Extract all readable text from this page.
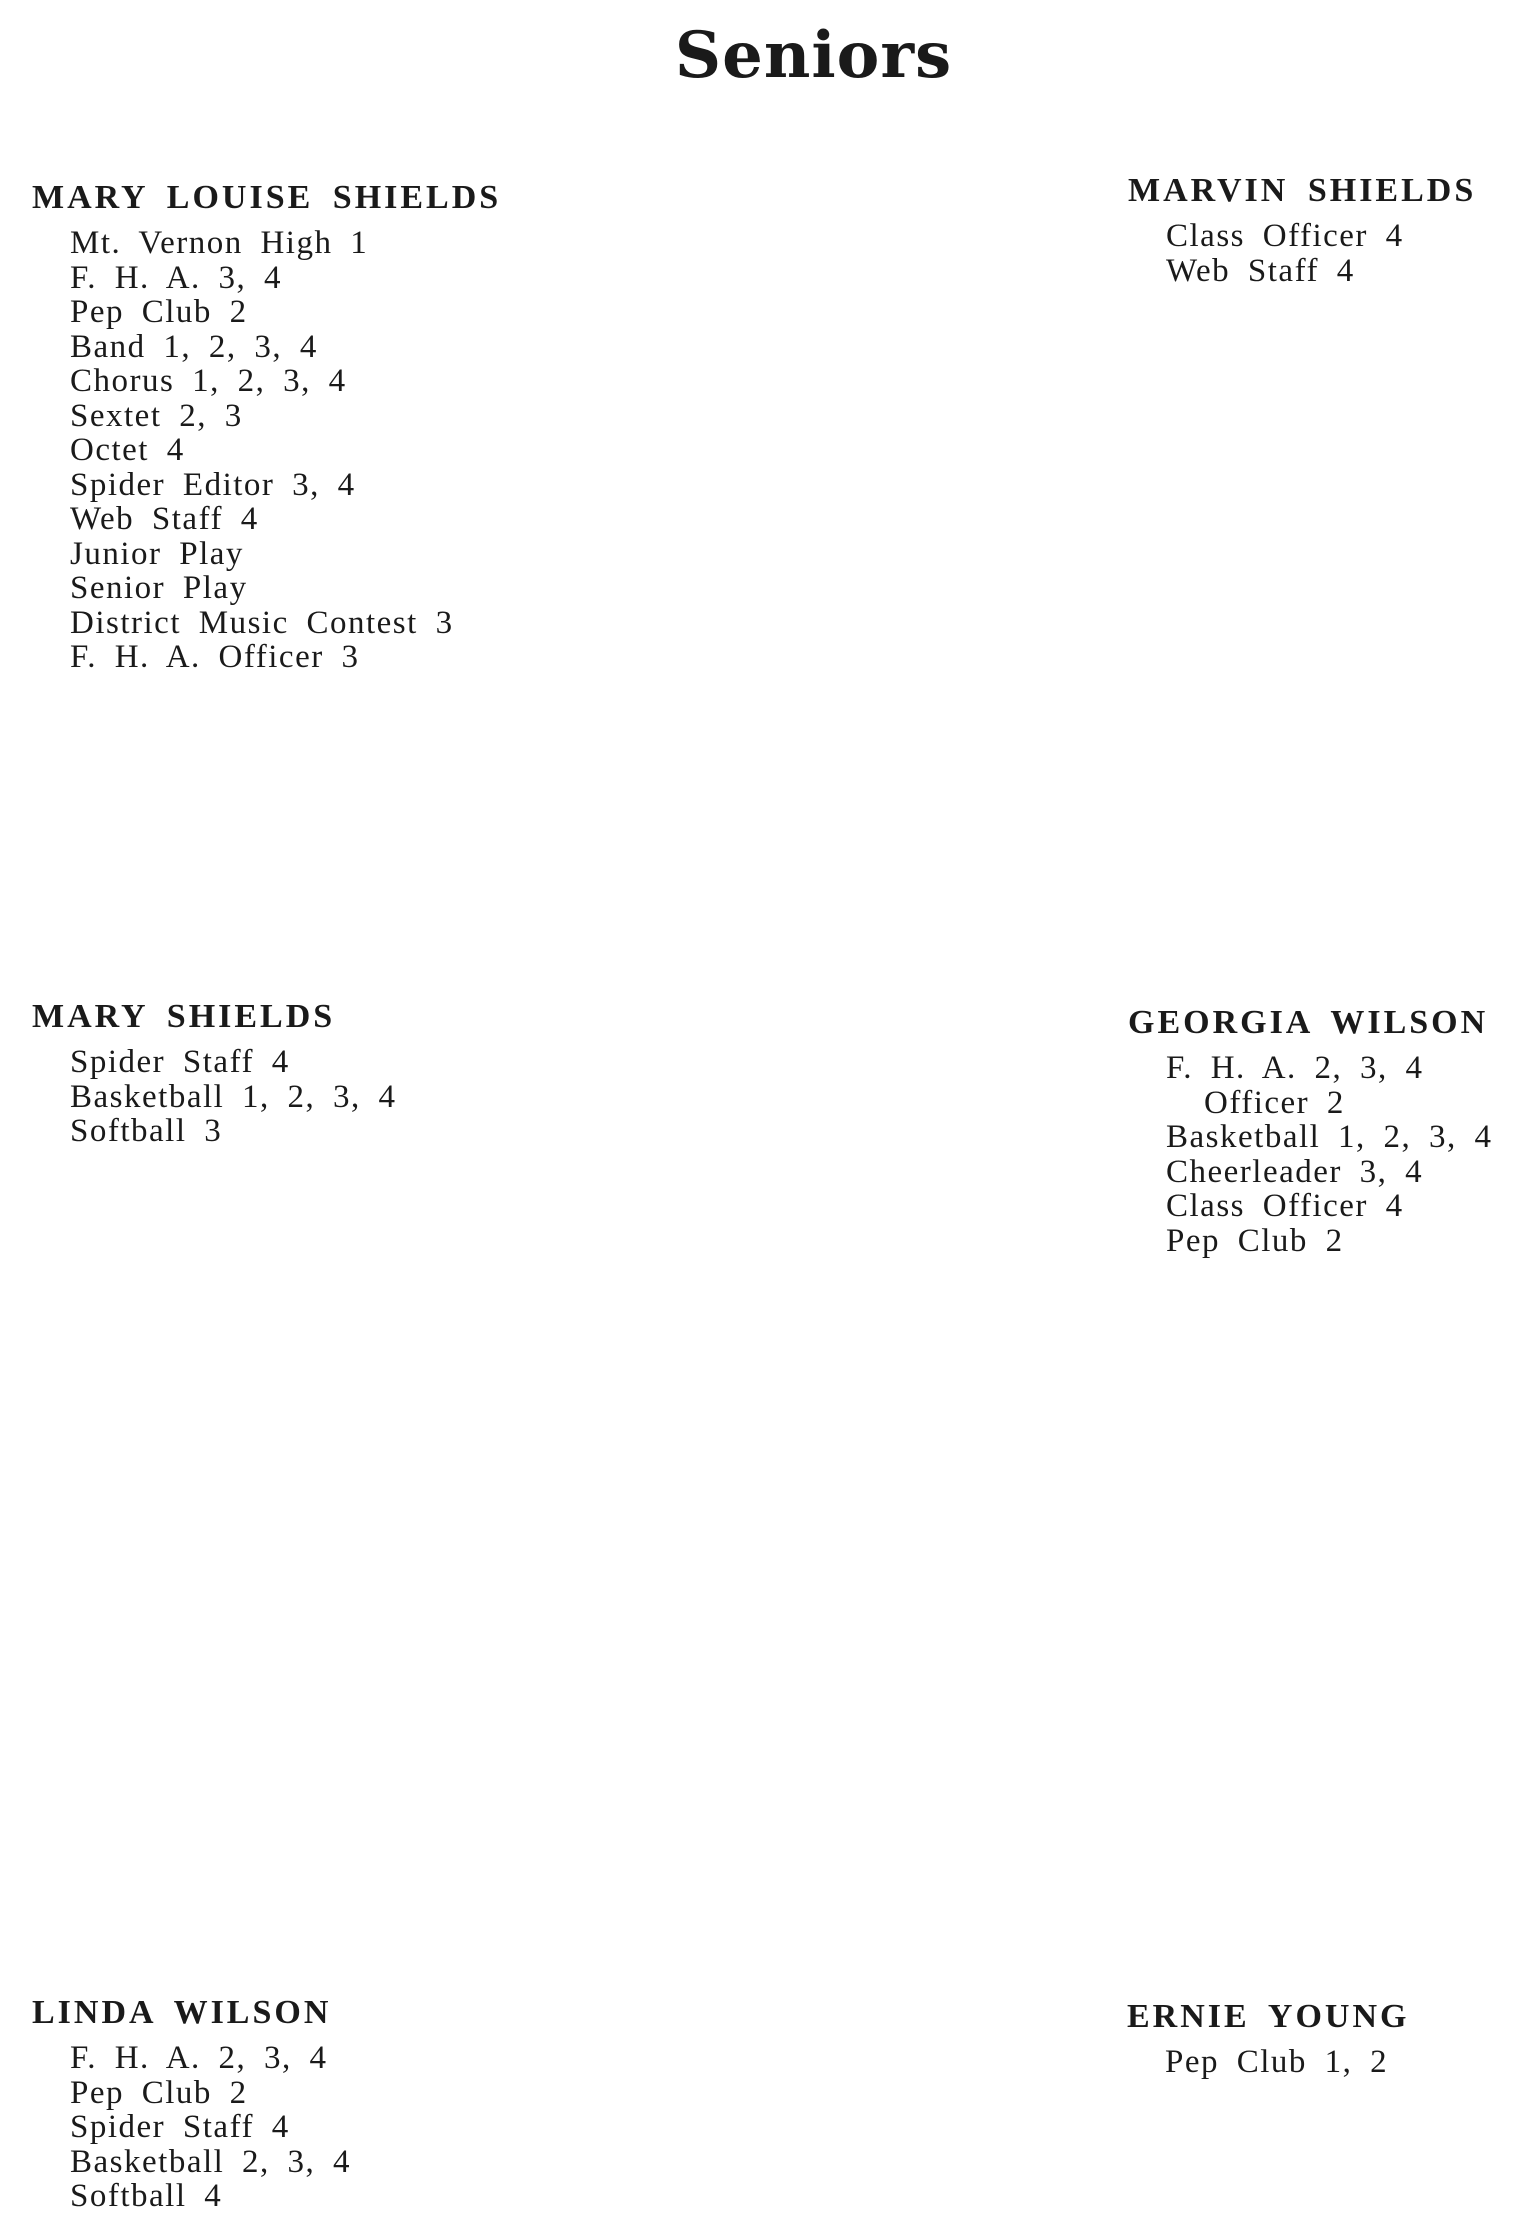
Seniors
MARY LOUISE SHIELDS
Mt. Vernon High 1
F. H. A. 3, 4
Pep Club 2
Band 1, 2, 3, 4
Chorus 1, 2, 3, 4
Sextet 2, 3
Octet 4
Spider Editor 3, 4
Web Staff 4
Junior Play
Senior Play
District Music Contest 3
F. H. A. Officer 3
MARVIN SHIELDS
Class Officer 4
Web Staff 4
MARY SHIELDS
Spider Staff 4
Basketball 1, 2, 3, 4
Softball 3
GEORGIA WILSON
F. H. A. 2, 3, 4
Officer 2
Basketball 1, 2, 3, 4
Cheerleader 3, 4
Class Officer 4
Pep Club 2
LINDA WILSON
F. H. A. 2, 3, 4
Pep Club 2
Spider Staff 4
Basketball 2, 3, 4
Softball 4
ERNIE YOUNG
Pep Club 1, 2
